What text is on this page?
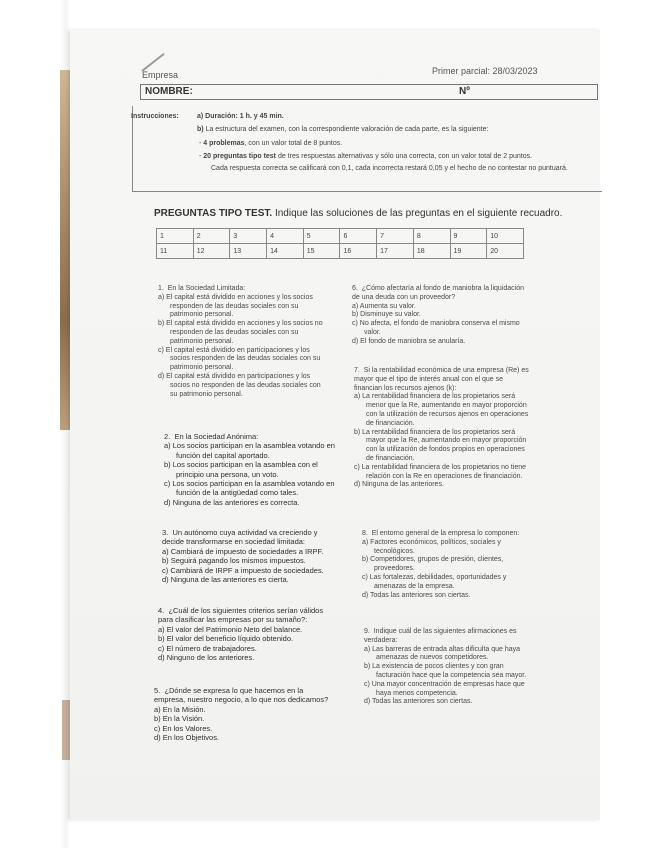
Empresa	Primer parcial: 28/03/2023
NOMBRE:	Nº
Instrucciones:	a) Duración: 1 h. y 45 min.
b) La estructura del examen, con la correspondiente valoración de cada parte, es la siguiente:
- 4 problemas, con un valor total de 8 puntos.
- 20 preguntas tipo test de tres respuestas alternativas y sólo una correcta, con un valor total de 2 puntos.
Cada respuesta correcta se calificará con 0,1, cada incorrecta restará 0,05 y el hecho de no contestar no puntuará.
PREGUNTAS TIPO TEST. Indique las soluciones de las preguntas en el siguiente recuadro.
1	2	3	4	5	6	7	8	9	10
11	12	13	14	15	16	17	18	19	20
1. En la Sociedad Limitada:
a) El capital está dividido en acciones y los socios responden de las deudas sociales con su patrimonio personal.
b) El capital está dividido en acciones y los socios no responden de las deudas sociales con su patrimonio personal.
c) El capital está dividido en participaciones y los socios responden de las deudas sociales con su patrimonio personal.
d) El capital está dividido en participaciones y los socios no responden de las deudas sociales con su patrimonio personal.
2. En la Sociedad Anónima:
a) Los socios participan en la asamblea votando en función del capital aportado.
b) Los socios participan en la asamblea con el principio una persona, un voto.
c) Los socios participan en la asamblea votando en función de la antigüedad como tales.
d) Ninguna de las anteriores es correcta.
3. Un autónomo cuya actividad va creciendo y decide transformarse en sociedad limitada:
a) Cambiará de impuesto de sociedades a IRPF.
b) Seguirá pagando los mismos impuestos.
c) Cambiará de IRPF a impuesto de sociedades.
d) Ninguna de las anteriores es cierta.
4. ¿Cuál de los siguientes criterios serían válidos para clasificar las empresas por su tamaño?:
a) El valor del Patrimonio Neto del balance.
b) El valor del beneficio líquido obtenido.
c) El número de trabajadores.
d) Ninguno de los anteriores.
5. ¿Dónde se expresa lo que hacemos en la empresa, nuestro negocio, a lo que nos dedicamos?
a) En la Misión.
b) En la Visión.
c) En los Valores.
d) En los Objetivos.
6. ¿Cómo afectaría al fondo de maniobra la liquidación de una deuda con un proveedor?
a) Aumenta su valor.
b) Disminuye su valor.
c) No afecta, el fondo de maniobra conserva el mismo valor.
d) El fondo de maniobra se anularía.
7. Si la rentabilidad económica de una empresa (Re) es mayor que el tipo de interés anual con el que se financian los recursos ajenos (k):
a) La rentabilidad financiera de los propietarios será menor que la Re, aumentando en mayor proporción con la utilización de recursos ajenos en operaciones de financiación.
b) La rentabilidad financiera de los propietarios será mayor que la Re, aumentando en mayor proporción con la utilización de fondos propios en operaciones de financiación.
c) La rentabilidad financiera de los propietarios no tiene relación con la Re en operaciones de financiación.
d) Ninguna de las anteriores.
8. El entorno general de la empresa lo componen:
a) Factores económicos, políticos, sociales y tecnológicos.
b) Competidores, grupos de presión, clientes, proveedores.
c) Las fortalezas, debilidades, oportunidades y amenazas de la empresa.
d) Todas las anteriores son ciertas.
9. Indique cuál de las siguientes afirmaciones es verdadera:
a) Las barreras de entrada altas dificulta que haya amenazas de nuevos competidores.
b) La existencia de pocos clientes y con gran facturación hace que la competencia sea mayor.
c) Una mayor concentración de empresas hace que haya menos competencia.
d) Todas las anteriores son ciertas.
